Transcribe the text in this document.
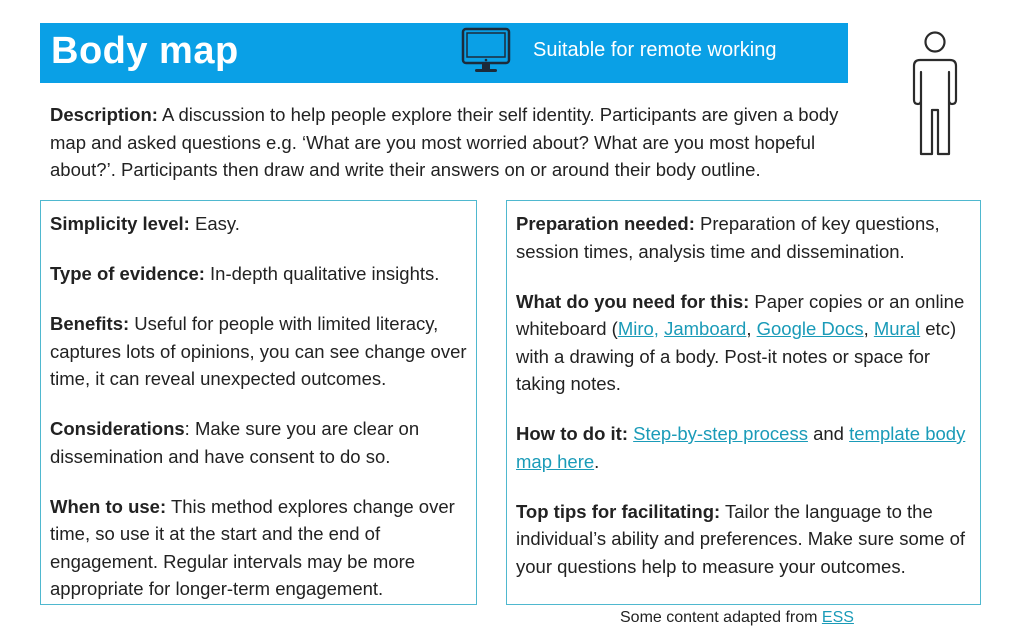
Body map	Suitable for remote working
Description: A discussion to help people explore their self identity. Participants are given a body map and asked questions e.g. ‘What are you most worried about? What are you most hopeful about?’. Participants then draw and write their answers on or around their body outline.
Simplicity level: Easy.
Type of evidence: In-depth qualitative insights.
Benefits: Useful for people with limited literacy, captures lots of opinions, you can see change over time, it can reveal unexpected outcomes.
Considerations: Make sure you are clear on dissemination and have consent to do so.
When to use: This method explores change over time, so use it at the start and the end of engagement. Regular intervals may be more appropriate for longer-term engagement.
Preparation needed: Preparation of key questions, session times, analysis time and dissemination.
What do you need for this: Paper copies or an online whiteboard (Miro, Jamboard, Google Docs, Mural etc) with a drawing of a body. Post-it notes or space for taking notes.
How to do it: Step-by-step process and template body map here.
Top tips for facilitating: Tailor the language to the individual’s ability and preferences. Make sure some of your questions help to measure your outcomes.
Some content adapted from ESS
